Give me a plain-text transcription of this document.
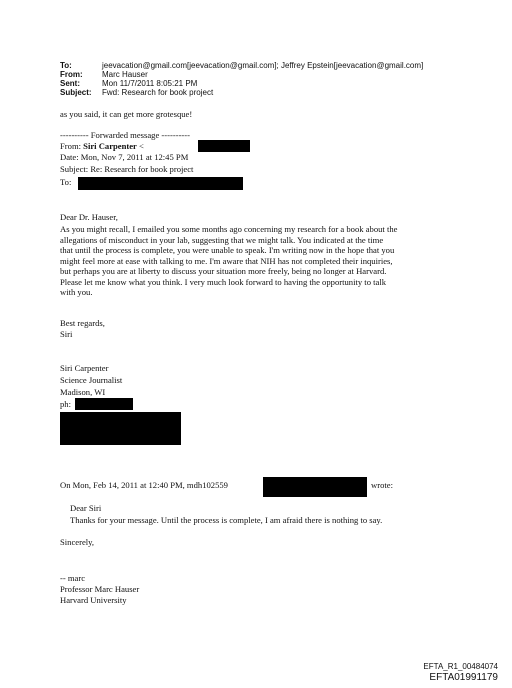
To:	jeevacation@gmail.com[jeevacation@gmail.com]; Jeffrey Epstein[jeevacation@gmail.com]
From: Marc Hauser
Sent:	Mon 11/7/2011 8:05:21 PM
Subject: Fwd: Research for book project
as you said, it can get more grotesque!
---------- Forwarded message ----------
From: Siri Carpenter <
Date: Mon, Nov 7, 2011 at 12:45 PM
Subject: Re: Research for book project
To:
Dear Dr. Hauser,
As you might recall, I emailed you some months ago concerning my research for a book about the
allegations of misconduct in your lab, suggesting that we might talk. You indicated at the time
that until the process is complete, you were unable to speak. I'm writing now in the hope that you
might feel more at ease with talking to me. I'm aware that NIH has not completed their inquiries,
but perhaps you are at liberty to discuss your situation more freely, being no longer at Harvard.
Please let me know what you think. I very much look forward to having the opportunity to talk
with you.
Best regards,
Siri
Siri Carpenter
Science Journalist
Madison, WI
ph:
On Mon, Feb 14, 2011 at 12:40 PM, mdh102559	wrote:
Dear Siri
Thanks for your message. Until the process is complete, I am afraid there is nothing to say.
Sincerely,
-- marc
Professor Marc Hauser
Harvard University
EFTA_R1_00484074
EFTA01991179
